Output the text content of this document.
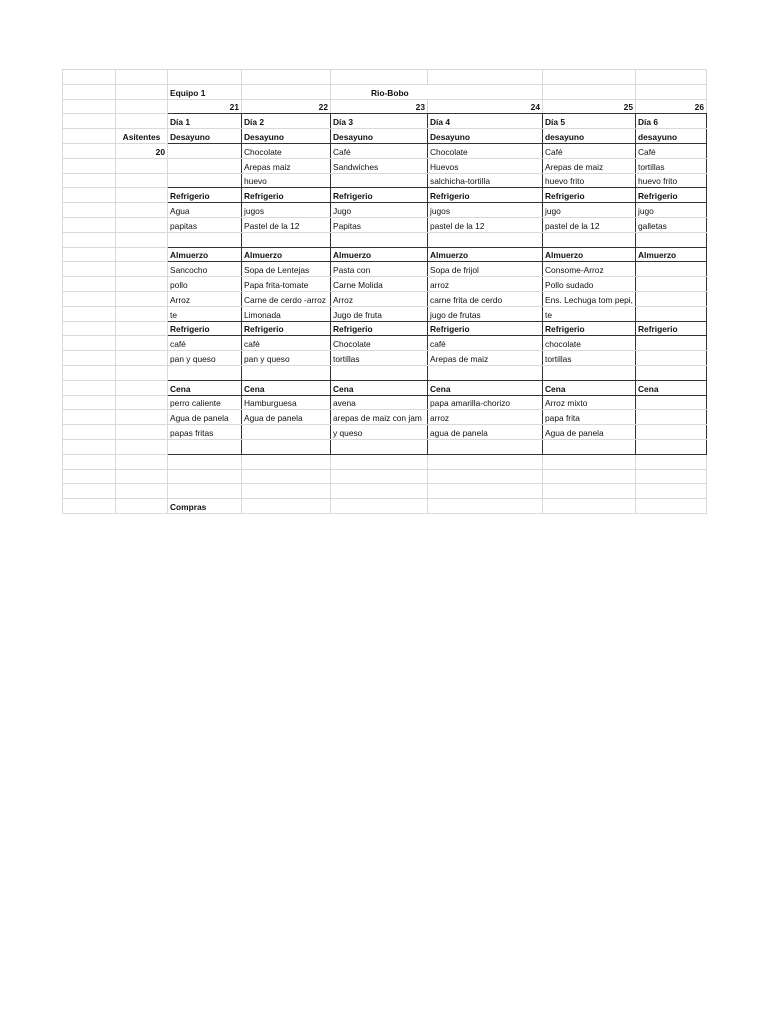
		Equipo 1		Rio-Bobo			
		21	22	23	24	25	26
		Día 1	Día 2	Día 3	Día 4	Día 5	Día 6
	Asitentes	Desayuno	Desayuno	Desayuno	Desayuno	desayuno	desayuno
	20		Chocolate	Café	Chocolate	Café	Café
			Arepas maiz	Sandwiches	Huevos	Arepas de maiz	tortillas
			huevo		salchicha-tortilla	huevo frito	huevo frito
		Refrigerio	Refrigerio	Refrigerio	Refrigerio	Refrigerio	Refrigerio
		Agua	jugos	Jugo	jugos	jugo	jugo
		papitas	Pastel de la 12	Papitas	pastel de la 12	pastel de la 12	galletas

		Almuerzo	Almuerzo	Almuerzo	Almuerzo	Almuerzo	Almuerzo
		Sancocho	Sopa de Lentejas	Pasta con	Sopa de frijol	Consome-Arroz	
		pollo	Papa frita-tomate	Carne Molida	arroz	Pollo sudado	
		Arroz	Carne de cerdo -arroz	Arroz	carne frita de cerdo	Ens. Lechuga tom pepi,	
		te	Limonada	Jugo de fruta	jugo de frutas	te	
		Refrigerio	Refrigerio	Refrigerio	Refrigerio	Refrigerio	Refrigerio
		café	café	Chocolate	café	chocolate	
		pan y queso	pan y queso	tortillas	Arepas de maiz	tortillas	

		Cena	Cena	Cena	Cena	Cena	Cena
		perro caliente	Hamburguesa	avena	papa amarilla-chorizo	Arroz mixto	
		Agua de panela	Agua de panela	arepas de maiz con jam	arroz	papa frita	
		papas fritas		y queso	agua de panela	Agua de panela	

		Compras					
